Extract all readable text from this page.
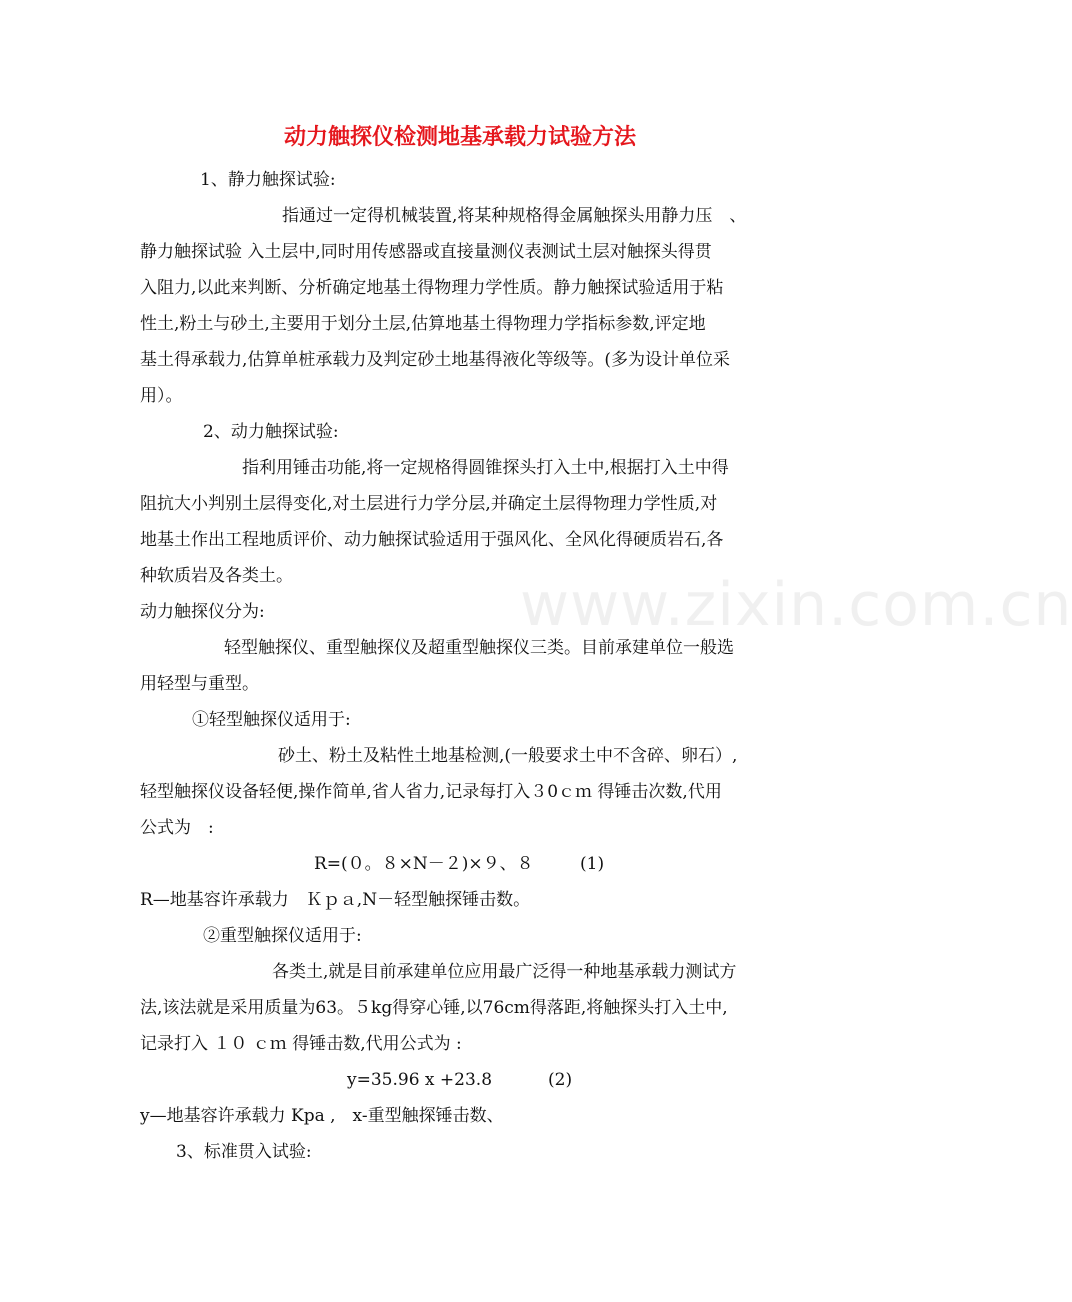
动力触探仪检测地基承载力试验方法
1、静力触探试验:
指通过一定得机械装置,将某种规格得金属触探头用静力压　、
静力触探试验 入土层中,同时用传感器或直接量测仪表测试土层对触探头得贯
入阻力,以此来判断、分析确定地基土得物理力学性质。静力触探试验适用于粘
性土,粉土与砂土,主要用于划分土层,估算地基土得物理力学指标参数,评定地
基土得承载力,估算单桩承载力及判定砂土地基得液化等级等。(多为设计单位采
用）。
2、动力触探试验:
指利用锤击功能,将一定规格得圆锥探头打入土中,根据打入土中得
阻抗大小判别土层得变化,对土层进行力学分层,并确定土层得物理力学性质,对
地基土作出工程地质评价、动力触探试验适用于强风化、全风化得硬质岩石,各
种软质岩及各类土。	www.zixin.com.cn
动力触探仪分为:
轻型触探仪、重型触探仪及超重型触探仪三类。目前承建单位一般选
用轻型与重型。
①轻型触探仪适用于:
砂土、粉土及粘性土地基检测,(一般要求土中不含碎、卵石）,
轻型触探仪设备轻便,操作简单,省人省力,记录每打入３0ｃｍ 得锤击次数,代用
公式为　:
R=(０。８×N－２)×９、８	(1)
R—地基容许承载力　Ｋｐａ,N－轻型触探锤击数。
②重型触探仪适用于:
各类土,就是目前承建单位应用最广泛得一种地基承载力测试方
法,该法就是采用质量为63。５kg得穿心锤,以76cm得落距,将触探头打入土中,
记录打入 １０ ｃｍ 得锤击数,代用公式为 :
y=35.96 x +23.8	(2)
y—地基容许承载力 Kpa ,　x-重型触探锤击数、
3、标准贯入试验:
